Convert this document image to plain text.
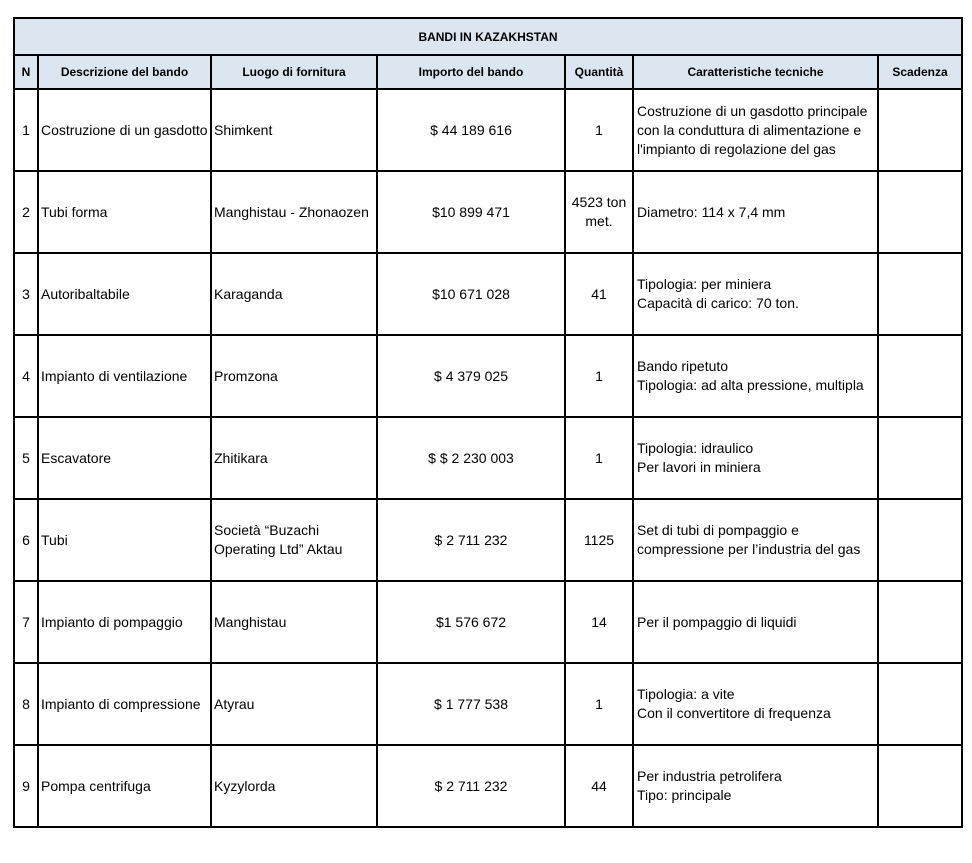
BANDI IN KAZAKHSTAN						
N	Descrizione del bando	Luogo di fornitura	Importo del bando	Quantità	Caratteristiche tecniche	Scadenza
1	Costruzione di un gasdotto	Shimkent	$ 44 189 616	1	Costruzione di un gasdotto principale con la conduttura di alimentazione e l'impianto di regolazione del gas	

2	Tubi forma	Manghistau - Zhonaozen	$10 899 471	4523 ton met.	Diametro: 114 x 7,4 mm	

3	Autoribaltabile	Karaganda	$10 671 028	41	Tipologia: per miniera
Capacità di carico: 70 ton.	

4	Impianto di ventilazione	Promzona	$ 4 379 025	1	Bando ripetuto
Tipologia: ad alta pressione, multipla	

5	Escavatore	Zhitikara	$ $ 2 230 003	1	Tipologia: idraulico
Per lavori in miniera	

6	Tubi	Società “Buzachi Operating Ltd” Aktau	$ 2 711 232	1125	Set di tubi di pompaggio e compressione per l’industria del gas	

7	Impianto di pompaggio	Manghistau	$1 576 672	14	Per il pompaggio di liquidi	

8	Impianto di compressione	Atyrau	$ 1 777 538	1	Tipologia: a vite
Con il convertitore di frequenza	

9	Pompa centrifuga	Kyzylorda	$ 2 711 232	44	Per industria petrolifera
Tipo: principale	
